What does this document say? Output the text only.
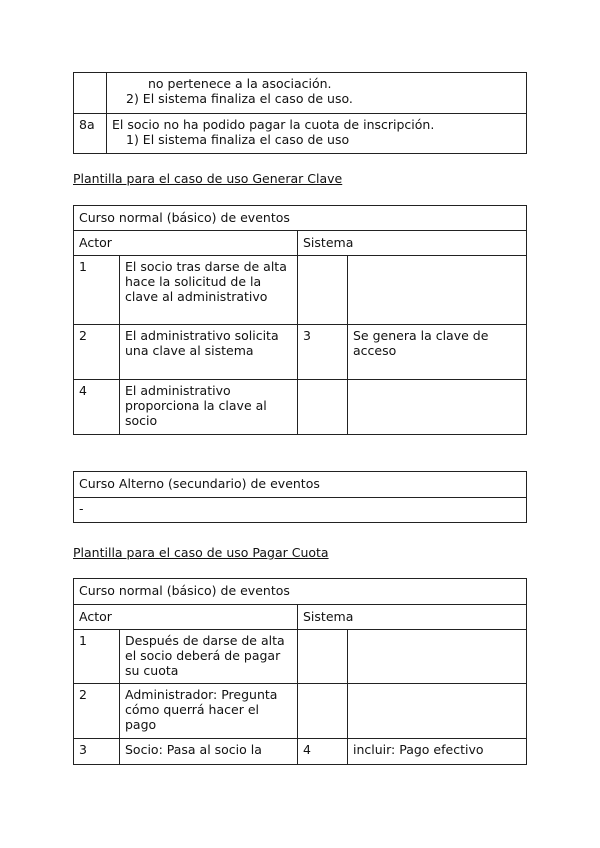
	no pertenece a la asociación.
2) El sistema finaliza el caso de uso.

8a	El socio no ha podido pagar la cuota de inscripción.
1) El sistema finaliza el caso de uso
Plantilla para el caso de uso Generar Clave
Curso normal (básico) de eventos			
Actor		Sistema	
1	El socio tras darse de alta hace la solicitud de la clave al administrativo		
2	El administrativo solicita una clave al sistema	3	Se genera la clave de acceso
4	El administrativo proporciona la clave al socio		
Curso Alterno (secundario) de eventos
-
Plantilla para el caso de uso Pagar Cuota
Curso normal (básico) de eventos			
Actor		Sistema	
1	Después de darse de alta el socio deberá de pagar su cuota		
2	Administrador: Pregunta cómo querrá hacer el pago		
3	Socio: Pasa al socio la	4	incluir: Pago efectivo
